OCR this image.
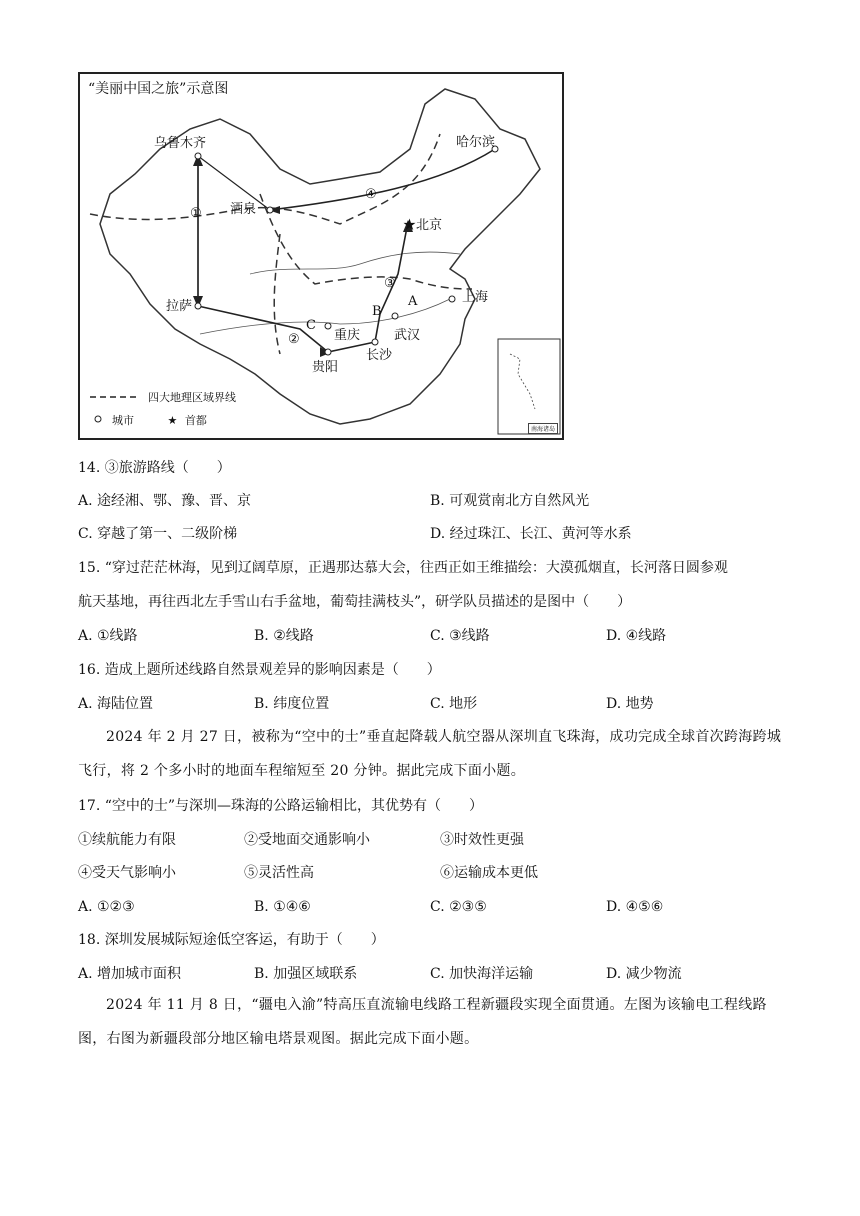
“美丽中国之旅”示意图
乌鲁木齐	哈尔滨
酒泉
★北京
拉萨
上海
重庆	武汉
贵阳
长沙
①
②
③
④
A
B
C
四大地理区域界线
城市	★ 首都
南海诸岛
14. ③旅游路线（　　）
A. 途经湘、鄂、豫、晋、京	B. 可观赏南北方自然风光
C. 穿越了第一、二级阶梯	D. 经过珠江、长江、黄河等水系
15. “穿过茫茫林海，见到辽阔草原，正遇那达慕大会，往西正如王维描绘：大漠孤烟直，长河落日圆参观
航天基地，再往西北左手雪山右手盆地，葡萄挂满枝头”，研学队员描述的是图中（　　）
A. ①线路	B. ②线路	C. ③线路	D. ④线路
16. 造成上题所述线路自然景观差异的影响因素是（　　）
A. 海陆位置	B. 纬度位置	C. 地形	D. 地势
2024 年 2 月 27 日，被称为“空中的士”垂直起降载人航空器从深圳直飞珠海，成功完成全球首次跨海跨城飞行，将 2 个多小时的地面车程缩短至 20 分钟。据此完成下面小题。
17. “空中的士”与深圳—珠海的公路运输相比，其优势有（　　）
①续航能力有限	②受地面交通影响小	③时效性更强
④受天气影响小	⑤灵活性高	⑥运输成本更低
A. ①②③	B. ①④⑥	C. ②③⑤	D. ④⑤⑥
18. 深圳发展城际短途低空客运，有助于（　　）
A. 增加城市面积	B. 加强区域联系	C. 加快海洋运输	D. 减少物流
2024 年 11 月 8 日，“疆电入渝”特高压直流输电线路工程新疆段实现全面贯通。左图为该输电工程线路图，右图为新疆段部分地区输电塔景观图。据此完成下面小题。
